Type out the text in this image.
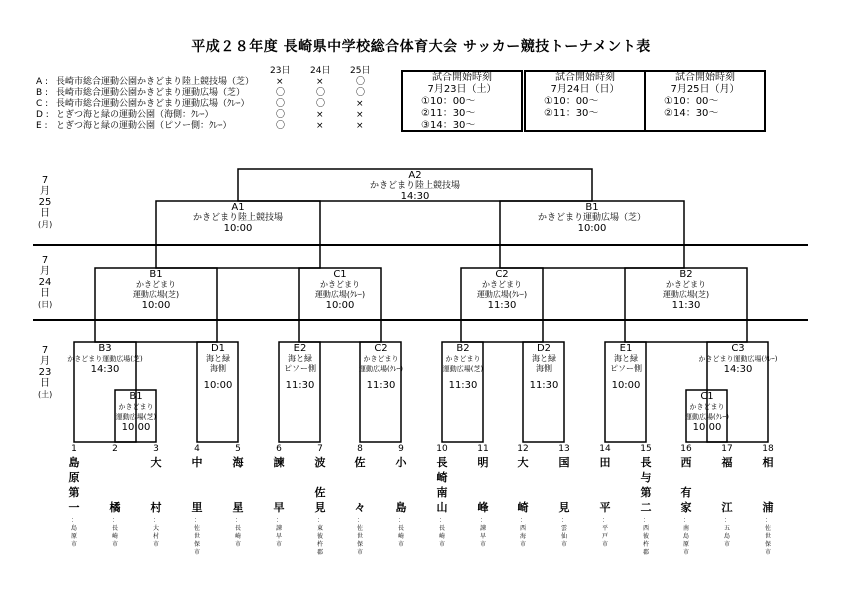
平成２８年度 長崎県中学校総合体育大会 サッカー競技トーナメント表
23日 24日 25日
A : 長崎市総合運動公園かきどまり陸上競技場（芝） ×	×	〇
B : 長崎市総合運動公園かきどまり運動広場（芝）	〇	〇	〇
C : 長崎市総合運動公園かきどまり運動広場（ｸﾚｰ）	〇	〇	×
D : とぎつ海と緑の運動公園（海側：ｸﾚｰ）	〇	×	×
E : とぎつ海と緑の運動公園（ピソー側：ｸﾚｰ）	〇	×	×
試合開始時刻
7月23日（土）
①10：00～
②11：30～
③14：30～
試合開始時刻
7月24日（日）
①10：00～
②11：30～
試合開始時刻
7月25日（月）
①10：00～
②14：30～
7
月
25
日
(月)
7
月
24
日
(日)
7
月
23
日
(土)
A2
かきどまり陸上競技場
14:30
A1
かきどまり陸上競技場
10:00
B1
かきどまり運動広場（芝）
10:00
B1
かきどまり
運動広場(芝)
10:00
C1
かきどまり
運動広場(ｸﾚｰ)
10:00
C2
かきどまり
運動広場(ｸﾚｰ)
11:30
B2
かきどまり
運動広場(芝)
11:30
B3
かきどまり運動広場(芝)
14:30
D1
海と緑
海側
10:00
E2
海と緑
ピソー側
11:30
C2
かきどまり
運動広場(ｸﾚｰ)
11:30
B2
かきどまり
運動広場(芝)
11:30
D2
海と緑
海側
11:30
E1
海と緑
ピソー側
10:00
C3
かきどまり運動広場(ｸﾚｰ)
14:30
B1
かきどまり
運動広場(芝)
10:00
C1
かきどまり
運動広場(ｸﾚｰ)
10:00
1
島
原
第
一
：
島
原
市
2

橘
：
長
崎
市
3
大

村
：
大
村
市
4
中

里
：
佐
世
保
市
5
海

星
：
長
崎
市
6
諫

早
：
諫
早
市
7
波

佐
見
：
東
彼
杵
郡
8
佐

々
：
佐
世
保
市
9
小

島
：
長
崎
市
10
長
崎
南
山
：
長
崎
市
11
明

峰
：
諫
早
市
12
大

崎
：
西
海
市
13
国

見
：
雲
仙
市
14
田

平
：
平
戸
市
15
長
与
第
二
：
西
彼
杵
郡
16
西

有
家
：
南
島
原
市
17
福

江
：
五
島
市
18
相

浦
：
佐
世
保
市
